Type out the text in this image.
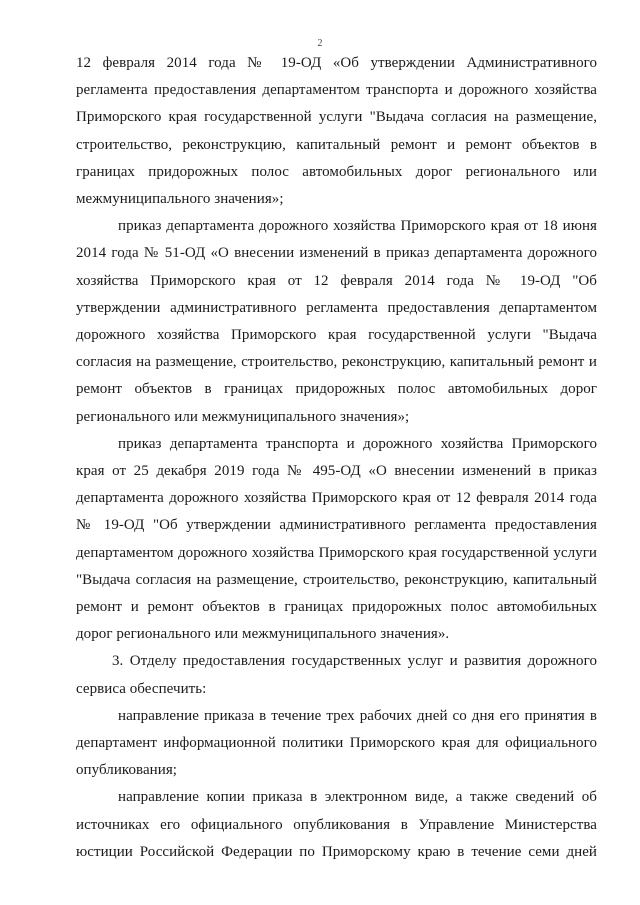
2

12 февраля 2014 года № 19-ОД «Об утверждении Административного регламента предоставления департаментом транспорта и дорожного хозяйства Приморского края государственной услуги "Выдача согласия на размещение, строительство, реконструкцию, капитальный ремонт и ремонт объектов в границах придорожных полос автомобильных дорог регионального или межмуниципального значения»;

приказ департамента дорожного хозяйства Приморского края от 18 июня 2014 года № 51-ОД «О внесении изменений в приказ департамента дорожного хозяйства Приморского края от 12 февраля 2014 года № 19-ОД "Об утверждении административного регламента предоставления департаментом дорожного хозяйства Приморского края государственной услуги "Выдача согласия на размещение, строительство, реконструкцию, капитальный ремонт и ремонт объектов в границах придорожных полос автомобильных дорог регионального или межмуниципального значения»;

приказ департамента транспорта и дорожного хозяйства Приморского края от 25 декабря 2019 года № 495-ОД «О внесении изменений в приказ департамента дорожного хозяйства Приморского края от 12 февраля 2014 года № 19-ОД "Об утверждении административного регламента предоставления департаментом дорожного хозяйства Приморского края государственной услуги "Выдача согласия на размещение, строительство, реконструкцию, капитальный ремонт и ремонт объектов в границах придорожных полос автомобильных дорог регионального или межмуниципального значения».

3. Отделу предоставления государственных услуг и развития дорожного сервиса обеспечить:

направление приказа в течение трех рабочих дней со дня его принятия в департамент информационной политики Приморского края для официального опубликования;

направление копии приказа в электронном виде, а также сведений об источниках его официального опубликования в Управление Министерства юстиции Российской Федерации по Приморскому краю в течение семи дней
